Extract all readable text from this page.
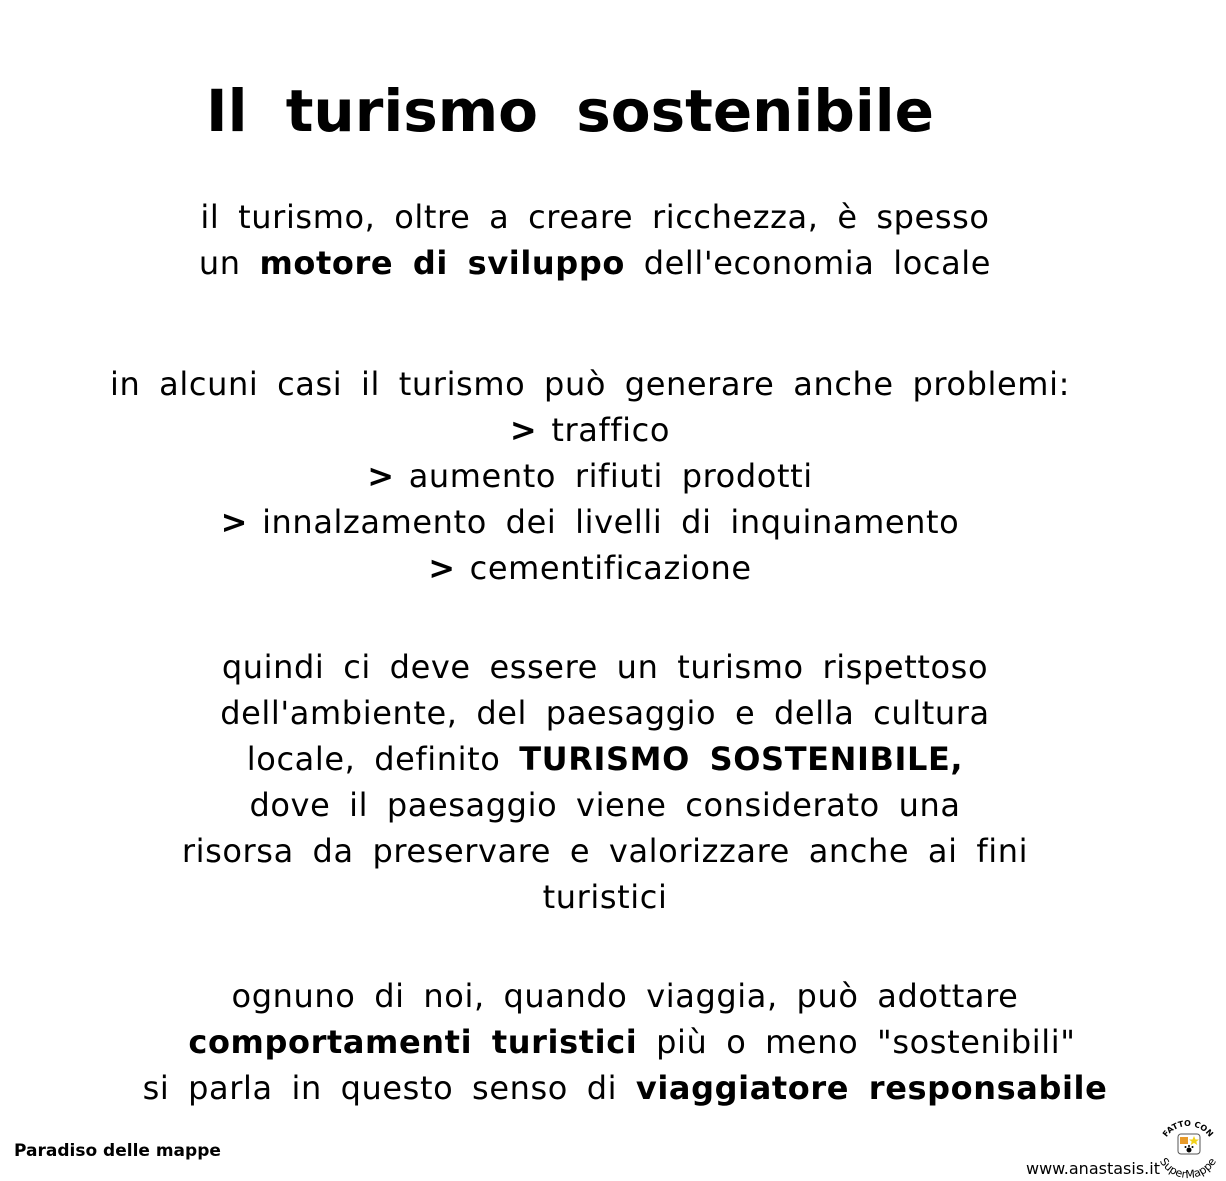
Il turismo sostenibile
il turismo, oltre a creare ricchezza, è spesso
un motore di sviluppo dell'economia locale
in alcuni casi il turismo può generare anche problemi:
> traffico
> aumento rifiuti prodotti
> innalzamento dei livelli di inquinamento
> cementificazione
quindi ci deve essere un turismo rispettoso
dell'ambiente, del paesaggio e della cultura
locale, definito TURISMO SOSTENIBILE,
dove il paesaggio viene considerato una
risorsa da preservare e valorizzare anche ai fini
turistici
ognuno di noi, quando viaggia, può adottare
comportamenti turistici più o meno "sostenibili"
si parla in questo senso di viaggiatore responsabile
Paradiso delle mappe
www.anastasis.it
FATTO CON
SuperMappe
